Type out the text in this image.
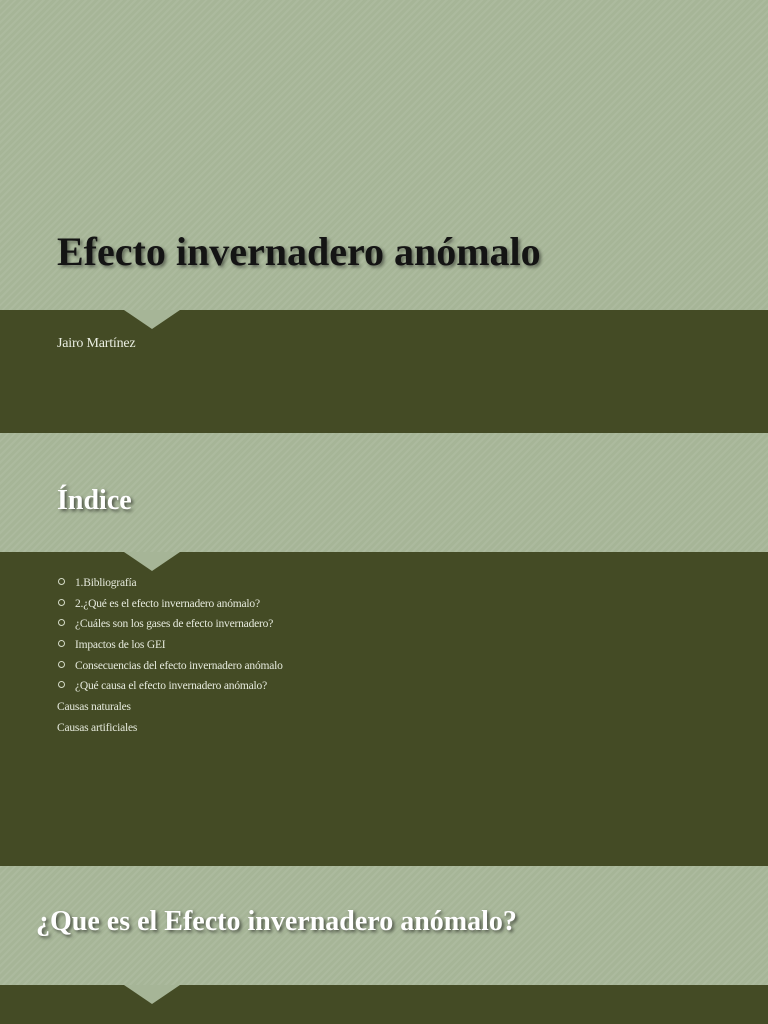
Efecto invernadero anómalo

Jairo Martínez

Índice
1.Bibliografía
2.¿Qué es el efecto invernadero anómalo?
¿Cuáles son los gases de efecto invernadero?
Impactos de los GEI
Consecuencias del efecto invernadero anómalo
¿Qué causa el efecto invernadero anómalo?
Causas naturales
Causas artificiales
¿Que es el Efecto invernadero anómalo?
